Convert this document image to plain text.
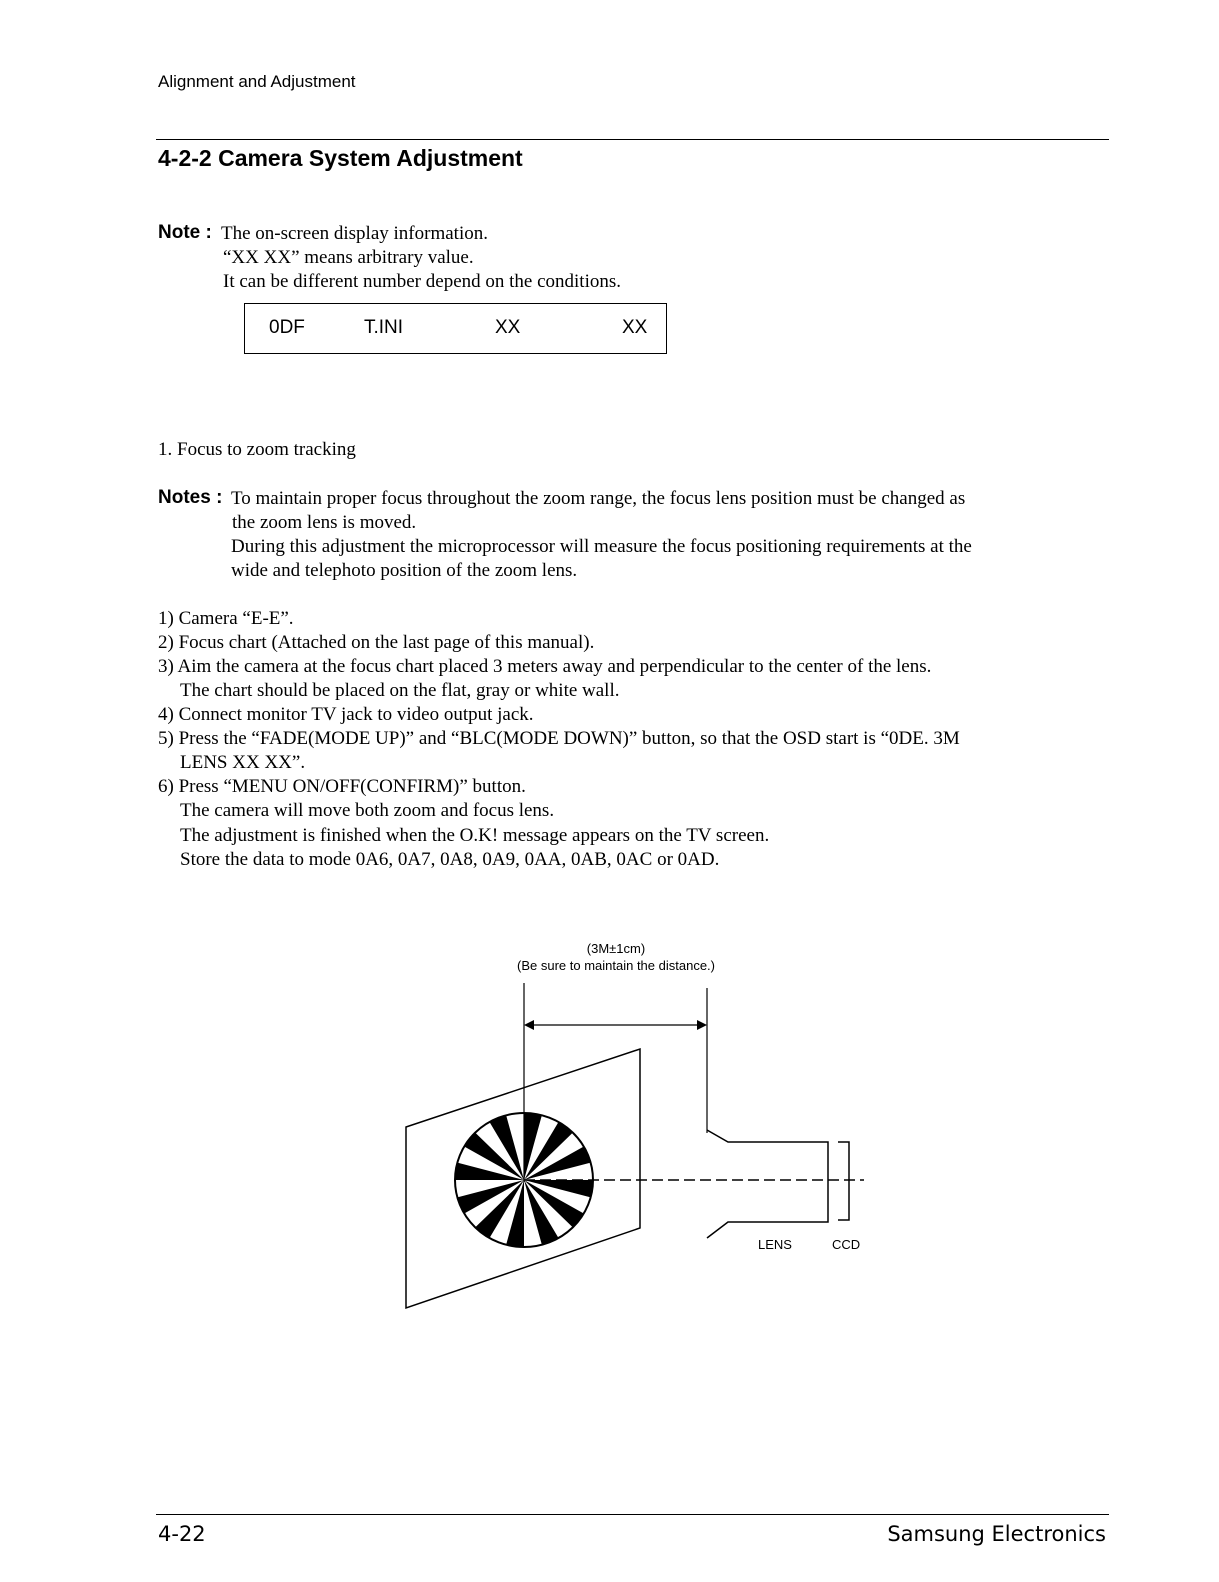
Alignment and Adjustment
4-2-2 Camera System Adjustment
Note : The on-screen display information.
“XX XX” means arbitrary value.
It can be different number depend on the conditions.
0DF	T.INI	XX	XX
1. Focus to zoom tracking
Notes : To maintain proper focus throughout the zoom range, the focus lens position must be changed as
the zoom lens is moved.
During this adjustment the microprocessor will measure the focus positioning requirements at the
wide and telephoto position of the zoom lens.
1) Camera “E-E”.
2) Focus chart (Attached on the last page of this manual).
3) Aim the camera at the focus chart placed 3 meters away and perpendicular to the center of the lens.
The chart should be placed on the flat, gray or white wall.
4) Connect monitor TV jack to video output jack.
5) Press the “FADE(MODE UP)” and “BLC(MODE DOWN)” button, so that the OSD start is “0DE. 3M
LENS XX XX”.
6) Press “MENU ON/OFF(CONFIRM)” button.
The camera will move both zoom and focus lens.
The adjustment is finished when the O.K! message appears on the TV screen.
Store the data to mode 0A6, 0A7, 0A8, 0A9, 0AA, 0AB, 0AC or 0AD.
(3M±1cm)
(Be sure to maintain the distance.)
LENS	CCD
4-22	Samsung Electronics
